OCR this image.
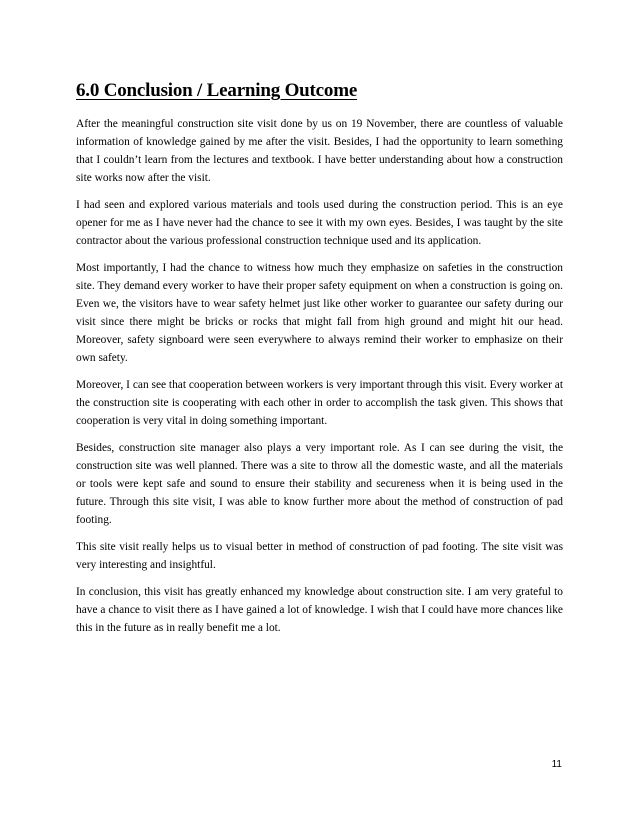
6.0 Conclusion / Learning Outcome

After the meaningful construction site visit done by us on 19 November, there are countless of valuable information of knowledge gained by me after the visit. Besides, I had the opportunity to learn something that I couldn’t learn from the lectures and textbook. I have better understanding about how a construction site works now after the visit.

I had seen and explored various materials and tools used during the construction period. This is an eye opener for me as I have never had the chance to see it with my own eyes. Besides, I was taught by the site contractor about the various professional construction technique used and its application.

Most importantly, I had the chance to witness how much they emphasize on safeties in the construction site. They demand every worker to have their proper safety equipment on when a construction is going on. Even we, the visitors have to wear safety helmet just like other worker to guarantee our safety during our visit since there might be bricks or rocks that might fall from high ground and might hit our head. Moreover, safety signboard were seen everywhere to always remind their worker to emphasize on their own safety.

Moreover, I can see that cooperation between workers is very important through this visit. Every worker at the construction site is cooperating with each other in order to accomplish the task given. This shows that cooperation is very vital in doing something important.

Besides, construction site manager also plays a very important role. As I can see during the visit, the construction site was well planned. There was a site to throw all the domestic waste, and all the materials or tools were kept safe and sound to ensure their stability and secureness when it is being used in the future. Through this site visit, I was able to know further more about the method of construction of pad footing.

This site visit really helps us to visual better in method of construction of pad footing. The site visit was very interesting and insightful.

In conclusion, this visit has greatly enhanced my knowledge about construction site. I am very grateful to have a chance to visit there as I have gained a lot of knowledge. I wish that I could have more chances like this in the future as in really benefit me a lot.

11
